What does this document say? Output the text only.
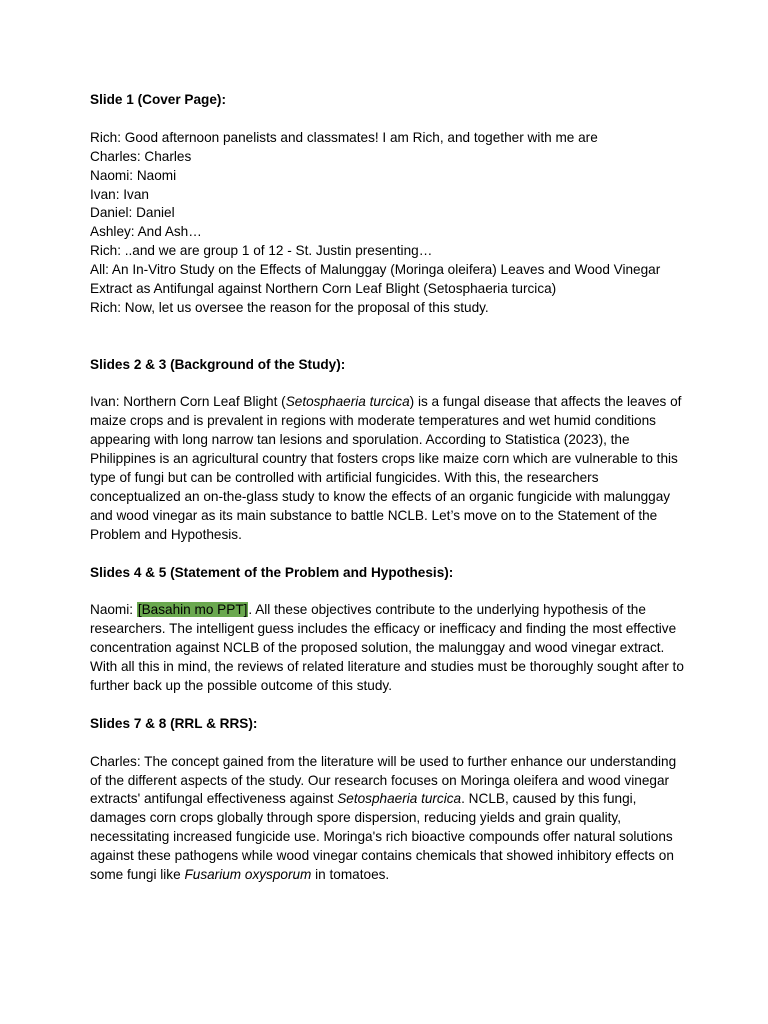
Slide 1 (Cover Page):

Rich: Good afternoon panelists and classmates! I am Rich, and together with me are

Charles: Charles

Naomi: Naomi

Ivan: Ivan

Daniel: Daniel

Ashley: And Ash…

Rich: ..and we are group 1 of 12 - St. Justin presenting…

All: An In-Vitro Study on the Effects of Malunggay (Moringa oleifera) Leaves and Wood Vinegar Extract as Antifungal against Northern Corn Leaf Blight (Setosphaeria turcica)

Rich: Now, let us oversee the reason for the proposal of this study.

Slides 2 & 3 (Background of the Study):

Ivan: Northern Corn Leaf Blight (Setosphaeria turcica) is a fungal disease that affects the leaves of maize crops and is prevalent in regions with moderate temperatures and wet humid conditions appearing with long narrow tan lesions and sporulation. According to Statistica (2023), the Philippines is an agricultural country that fosters crops like maize corn which are vulnerable to this type of fungi but can be controlled with artificial fungicides. With this, the researchers conceptualized an on-the-glass study to know the effects of an organic fungicide with malunggay and wood vinegar as its main substance to battle NCLB. Let’s move on to the Statement of the Problem and Hypothesis.

Slides 4 & 5 (Statement of the Problem and Hypothesis):

Naomi: [Basahin mo PPT]. All these objectives contribute to the underlying hypothesis of the researchers. The intelligent guess includes the efficacy or inefficacy and finding the most effective concentration against NCLB of the proposed solution, the malunggay and wood vinegar extract. With all this in mind, the reviews of related literature and studies must be thoroughly sought after to further back up the possible outcome of this study.

Slides 7 & 8 (RRL & RRS):

Charles: The concept gained from the literature will be used to further enhance our understanding of the different aspects of the study. Our research focuses on Moringa oleifera and wood vinegar extracts' antifungal effectiveness against Setosphaeria turcica. NCLB, caused by this fungi, damages corn crops globally through spore dispersion, reducing yields and grain quality, necessitating increased fungicide use. Moringa's rich bioactive compounds offer natural solutions against these pathogens while wood vinegar contains chemicals that showed inhibitory effects on some fungi like Fusarium oxysporum in tomatoes.
